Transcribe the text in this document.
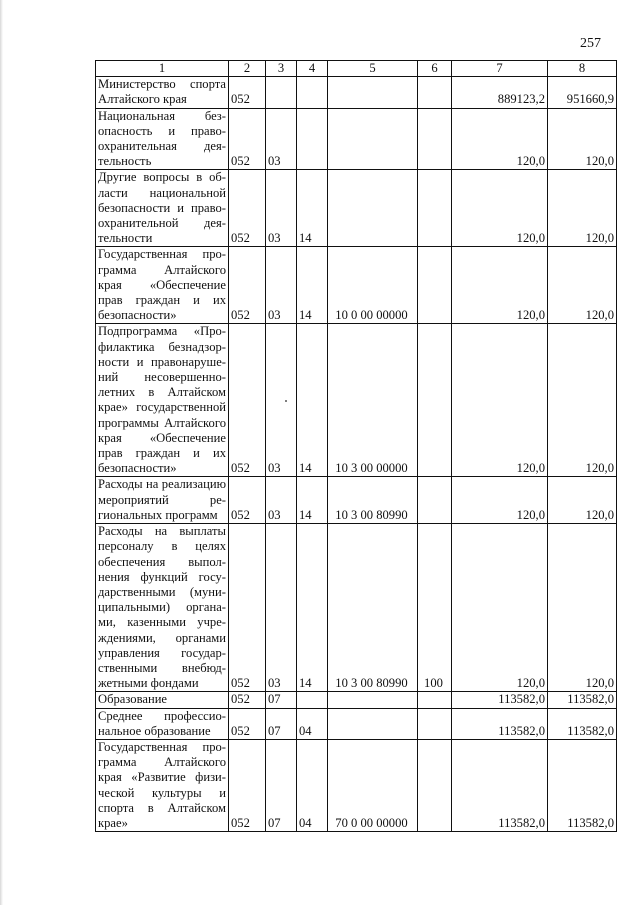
257
1	2	3	4	5	6	7	8
Министерство спорта Алтайского края	052					889123,2	951660,9
Национальная безопасность и правоохранительная деятельность	052	03				120,0	120,0
Другие вопросы в области национальной безопасности и правоохранительной деятельности	052	03	14			120,0	120,0
Государственная программа Алтайского края «Обеспечение прав граждан и их безопасности»	052	03	14	10 0 00 00000		120,0	120,0
Подпрограмма «Профилактика безнадзорности и правонарушений несовершеннолетних в Алтайском крае» государственной программы Алтайского края «Обеспечение прав граждан и их безопасности»	052	03	14	10 3 00 00000		120,0	120,0
Расходы на реализацию мероприятий региональных программ	052	03	14	10 3 00 80990		120,0	120,0
Расходы на выплаты персоналу в целях обеспечения выполнения функций государственными (муниципальными) органами, казенными учреждениями, органами управления государственными внебюджетными фондами	052	03	14	10 3 00 80990	100	120,0	120,0
Образование	052	07				113582,0	113582,0
Среднее профессиональное образование	052	07	04			113582,0	113582,0
Государственная программа Алтайского края «Развитие физической культуры и спорта в Алтайском крае»	052	07	04	70 0 00 00000		113582,0	113582,0
